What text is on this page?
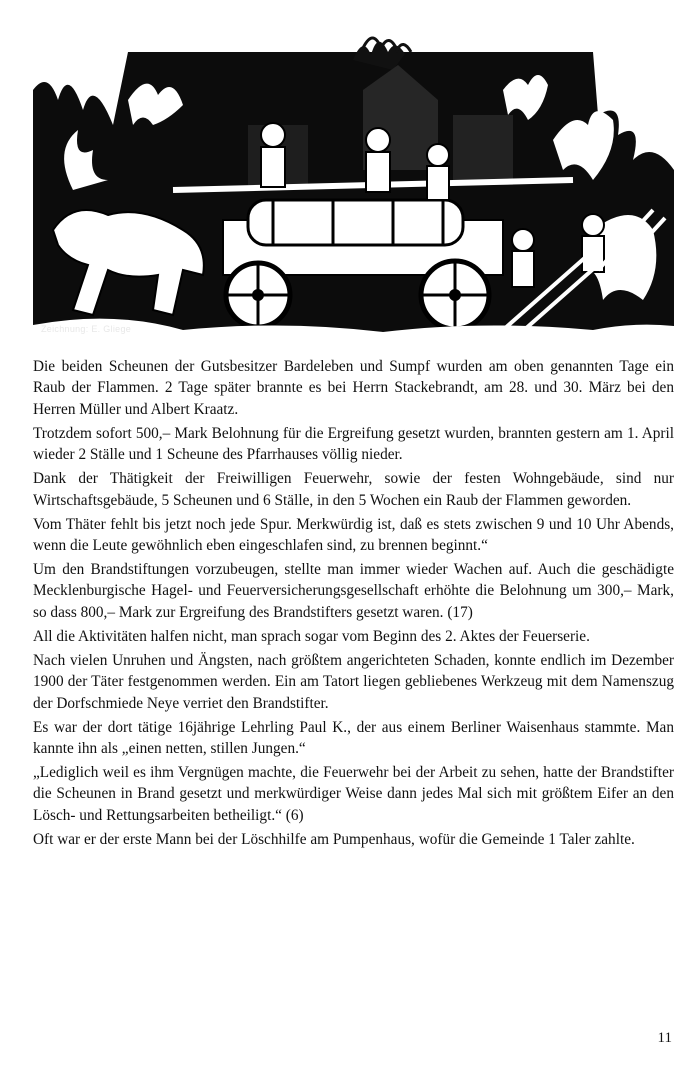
Zeichnung: E. Gliege

Die beiden Scheunen der Gutsbesitzer Bardeleben und Sumpf wurden am oben genannten Tage ein Raub der Flammen. 2 Tage später brannte es bei Herrn Stackebrandt, am 28. und 30. März bei den Herren Müller und Albert Kraatz.

Trotzdem sofort 500,– Mark Belohnung für die Ergreifung gesetzt wurden, brannten gestern am 1. April wieder 2 Ställe und 1 Scheune des Pfarrhauses völlig nieder.

Dank der Thätigkeit der Freiwilligen Feuerwehr, sowie der festen Wohngebäude, sind nur Wirtschaftsgebäude, 5 Scheunen und 6 Ställe, in den 5 Wochen ein Raub der Flammen geworden.

Vom Thäter fehlt bis jetzt noch jede Spur. Merkwürdig ist, daß es stets zwischen 9 und 10 Uhr Abends, wenn die Leute gewöhnlich eben eingeschlafen sind, zu brennen beginnt.“

Um den Brandstiftungen vorzubeugen, stellte man immer wieder Wachen auf. Auch die geschädigte Mecklenburgische Hagel- und Feuerversicherungsgesellschaft erhöhte die Belohnung um 300,– Mark, so dass 800,– Mark zur Ergreifung des Brandstifters gesetzt waren. (17)

All die Aktivitäten halfen nicht, man sprach sogar vom Beginn des 2. Aktes der Feuerserie.

Nach vielen Unruhen und Ängsten, nach größtem angerichteten Schaden, konnte endlich im Dezember 1900 der Täter festgenommen werden. Ein am Tatort liegen gebliebenes Werkzeug mit dem Namenszug der Dorfschmiede Neye verriet den Brandstifter.

Es war der dort tätige 16jährige Lehrling Paul K., der aus einem Berliner Waisenhaus stammte. Man kannte ihn als „einen netten, stillen Jungen.“

„Lediglich weil es ihm Vergnügen machte, die Feuerwehr bei der Arbeit zu sehen, hatte der Brandstifter die Scheunen in Brand gesetzt und merkwürdiger Weise dann jedes Mal sich mit größtem Eifer an den Lösch- und Rettungsarbeiten betheiligt.“ (6)

Oft war er der erste Mann bei der Löschhilfe am Pumpenhaus, wofür die Gemeinde 1 Taler zahlte.

11
